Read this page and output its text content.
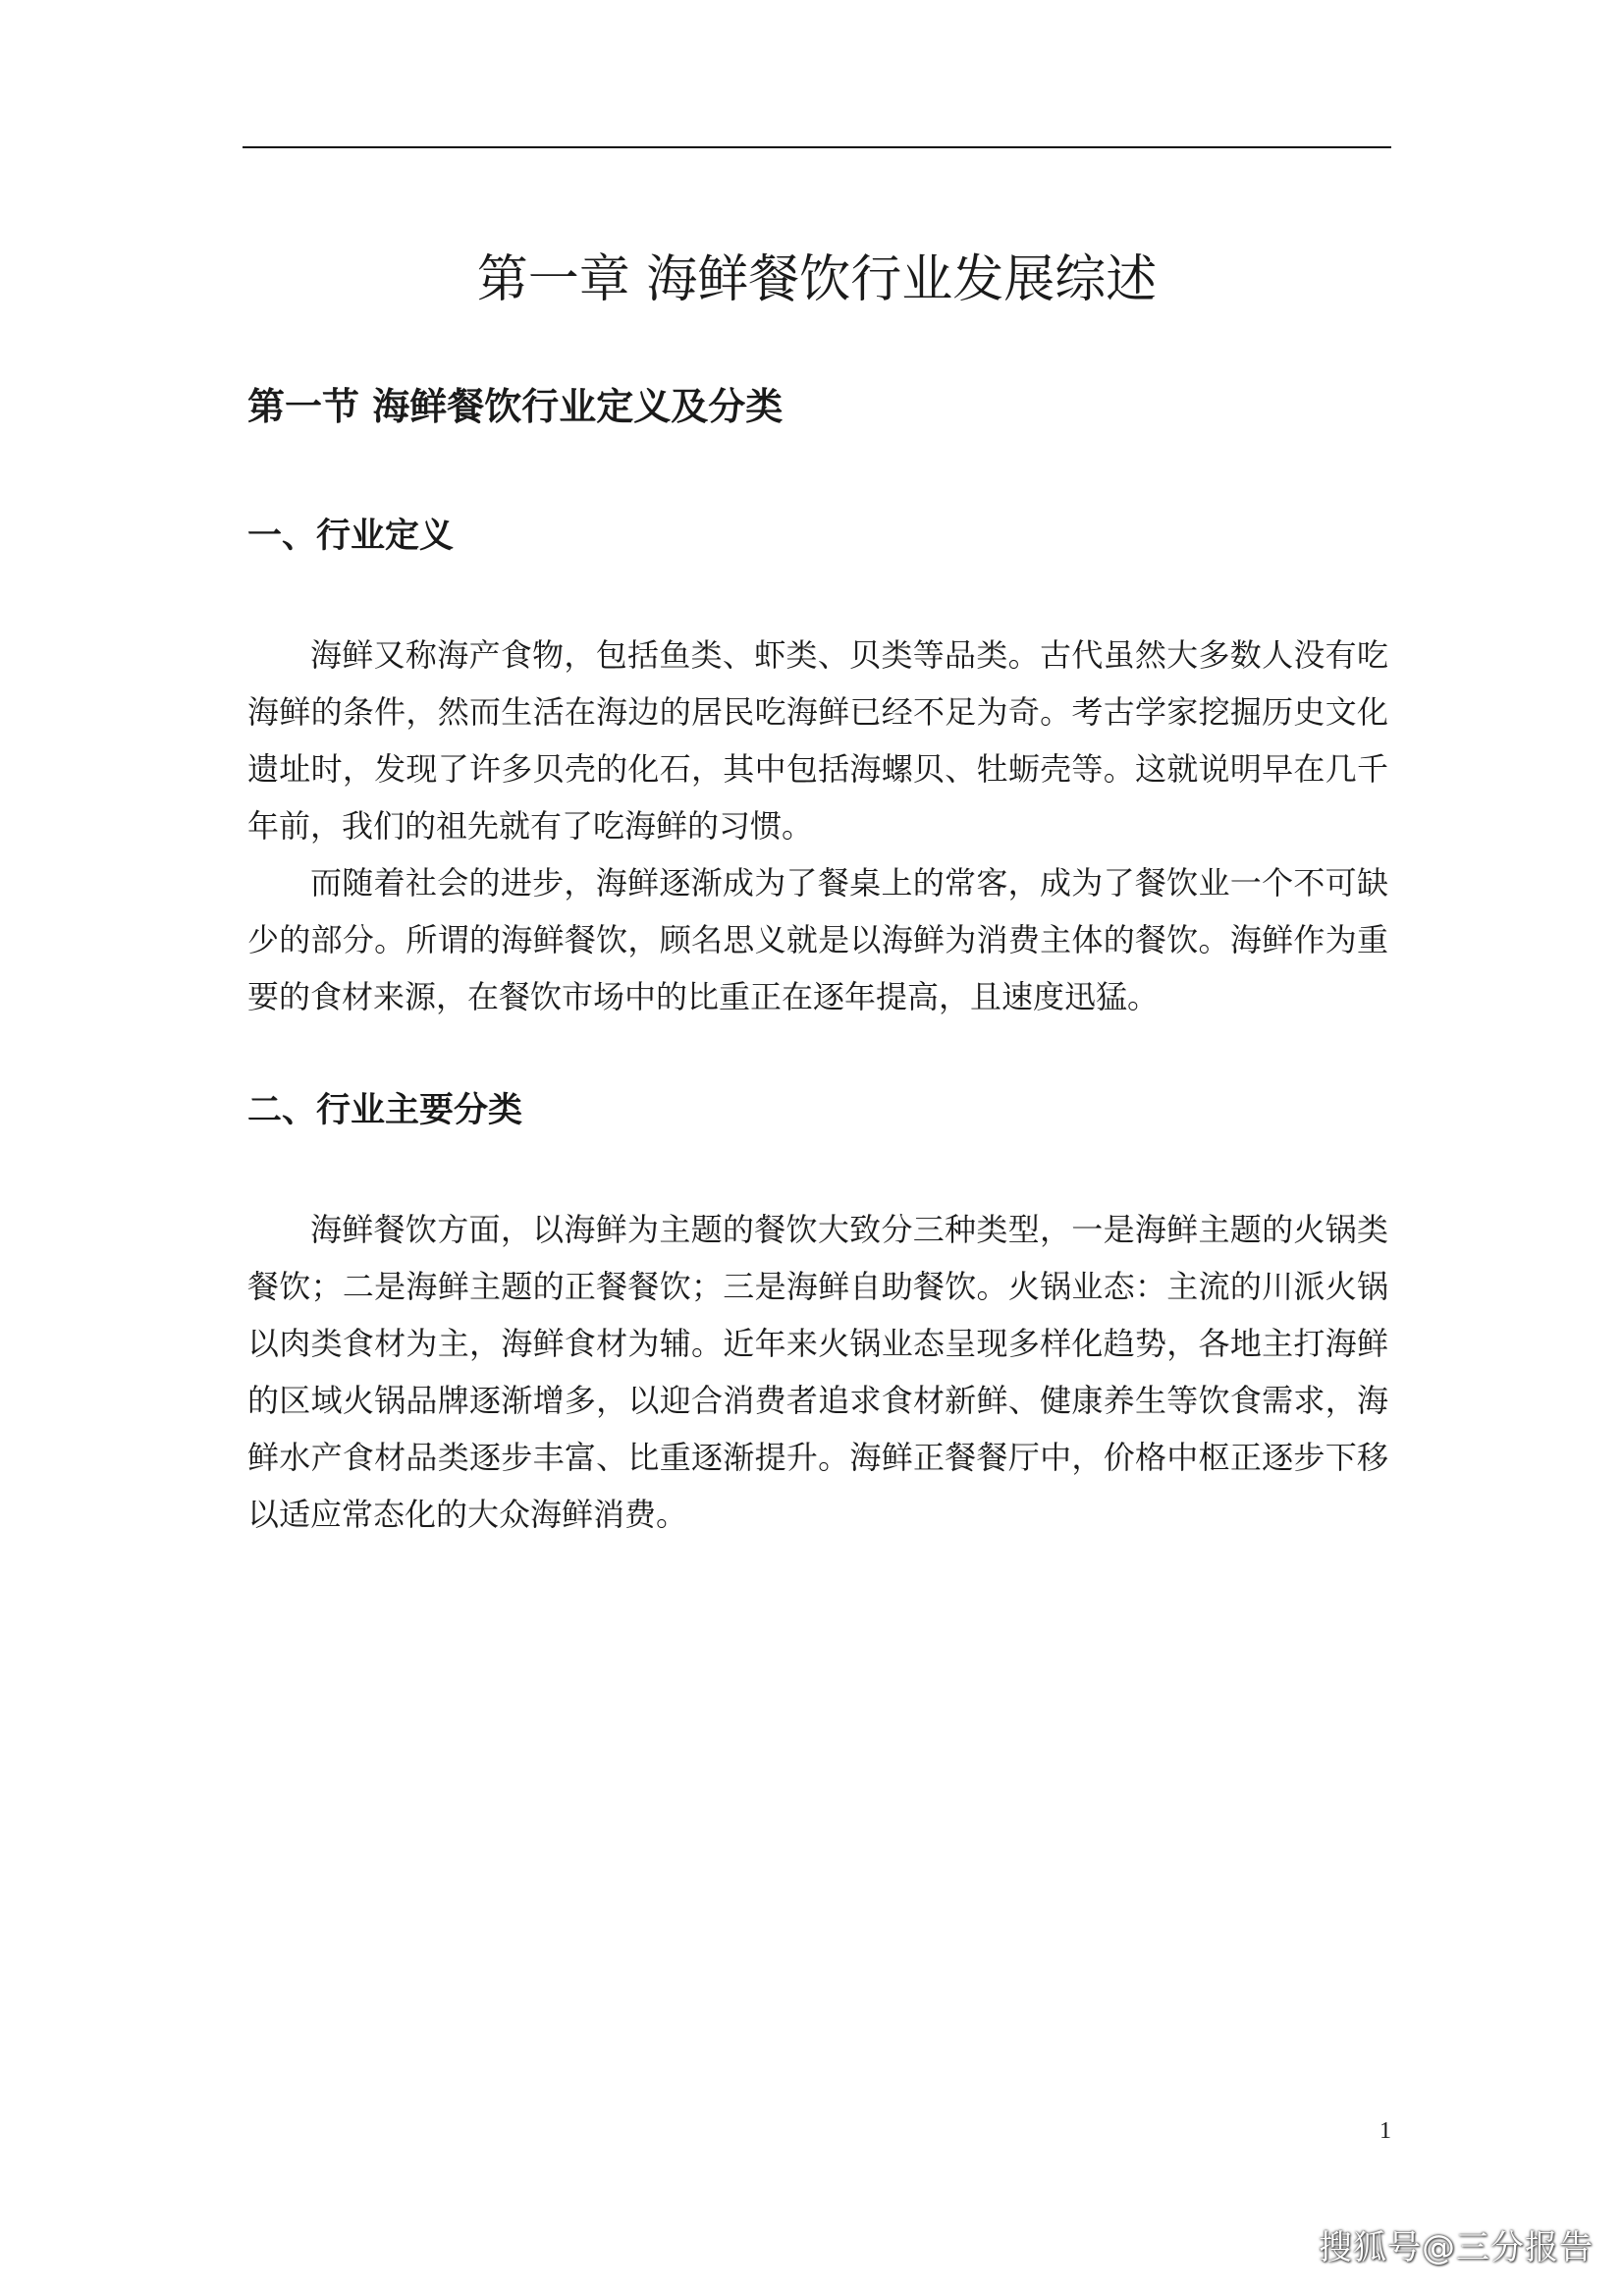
第一章 海鲜餐饮行业发展综述
第一节 海鲜餐饮行业定义及分类
一、行业定义

海鲜又称海产食物，包括鱼类、虾类、贝类等品类。古代虽然大多数人没有吃海鲜的条件，然而生活在海边的居民吃海鲜已经不足为奇。考古学家挖掘历史文化遗址时，发现了许多贝壳的化石，其中包括海螺贝、牡蛎壳等。这就说明早在几千年前，我们的祖先就有了吃海鲜的习惯。

而随着社会的进步，海鲜逐渐成为了餐桌上的常客，成为了餐饮业一个不可缺少的部分。所谓的海鲜餐饮，顾名思义就是以海鲜为消费主体的餐饮。海鲜作为重要的食材来源，在餐饮市场中的比重正在逐年提高，且速度迅猛。

二、行业主要分类

海鲜餐饮方面，以海鲜为主题的餐饮大致分三种类型，一是海鲜主题的火锅类餐饮；二是海鲜主题的正餐餐饮；三是海鲜自助餐饮。火锅业态：主流的川派火锅以肉类食材为主，海鲜食材为辅。近年来火锅业态呈现多样化趋势，各地主打海鲜的区域火锅品牌逐渐增多，以迎合消费者追求食材新鲜、健康养生等饮食需求，海鲜水产食材品类逐步丰富、比重逐渐提升。海鲜正餐餐厅中，价格中枢正逐步下移以适应常态化的大众海鲜消费。

1
搜狐号@三分报告
